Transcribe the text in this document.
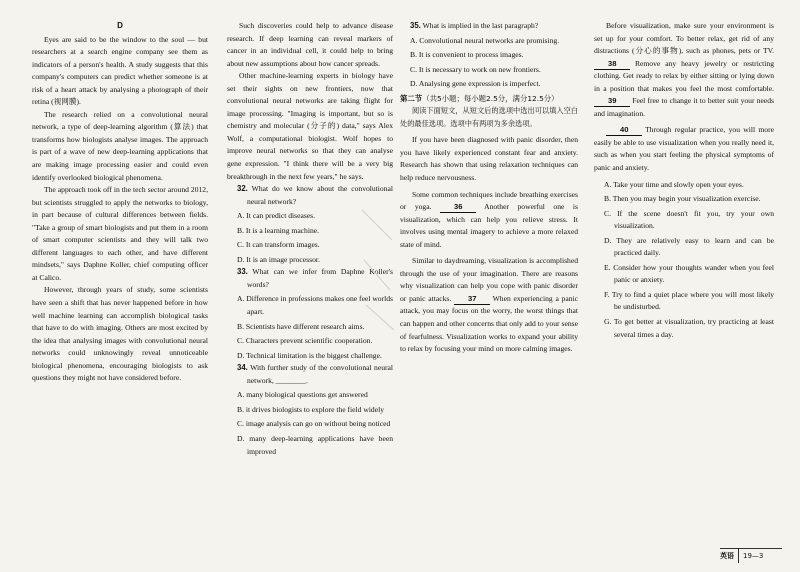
D

Eyes are said to be the window to the soul — but researchers at a search engine company see them as indicators of a person's health. A study suggests that this company's computers can predict whether someone is at risk of a heart attack by analysing a photograph of their retina (视网膜).

The research relied on a convolutional neural network, a type of deep-learning algorithm (算法) that transforms how biologists analyse images. The approach is part of a wave of new deep-learning applications that are making image processing easier and could even identify overlooked biological phenomena.

The approach took off in the tech sector around 2012, but scientists struggled to apply the networks to biology, in part because of cultural differences between fields. "Take a group of smart biologists and put them in a room of smart computer scientists and they will talk two different languages to each other, and have different mindsets," says Daphne Koller, chief computing officer at Calico.

However, through years of study, some scientists have seen a shift that has never happened before in how well machine learning can accomplish biological tasks that have to do with imaging. Others are most excited by the idea that analysing images with convolutional neural networks could unknowingly reveal unnoticeable biological phenomena, encouraging biologists to ask questions they might not have considered before.

Such discoveries could help to advance disease research. If deep learning can reveal markers of cancer in an individual cell, it could help to bring about new assumptions about how cancer spreads.

Other machine-learning experts in biology have set their sights on new frontiers, now that convolutional neural networks are taking flight for image processing. "Imaging is important, but so is chemistry and molecular (分子的) data," says Alex Wolf, a computational biologist. Wolf hopes to improve neural networks so that they can analyse gene expression. "I think there will be a very big breakthrough in the next few years," he says.

32. What do we know about the convolutional neural network?

A. It can predict diseases.

B. It is a learning machine.

C. It can transform images.

D. It is an image processor.

33. What can we infer from Daphne Koller's words?

A. Difference in professions makes one feel worlds apart.

B. Scientists have different research aims.

C. Characters prevent scientific cooperation.

D. Technical limitation is the biggest challenge.

34. With further study of the convolutional neural network, ________.

A. many biological questions get answered

B. it drives biologists to explore the field widely

C. image analysis can go on without being noticed

D. many deep-learning applications have been improved

35. What is implied in the last paragraph?

A. Convolutional neural networks are promising.

B. It is convenient to process images.

C. It is necessary to work on new frontiers.

D. Analysing gene expression is imperfect.

第二节（共5小题；每小题2.5分，满分12.5分）

阅读下面短文，从短文后的选项中选出可以填入空白处的最佳选项。选项中有两项为多余选项。

If you have been diagnosed with panic disorder, then you have likely experienced constant fear and anxiety. Research has shown that using relaxation techniques can help reduce nervousness.

Some common techniques include breathing exercises or yoga.	36	Another powerful one is visualization, which can help you relieve stress. It involves using mental imagery to achieve a more relaxed state of mind.

Similar to daydreaming, visualization is accomplished through the use of your imagination. There are reasons why visualization can help you cope with panic disorder or panic attacks. 37 When experiencing a panic attack, you may focus on the worry, the worst things that can happen and other concerns that only add to your sense of fearfulness. Visualization works to expand your ability to relax by focusing your mind on more calming images.

Before visualization, make sure your environment is set up for your comfort. To better relax, get rid of any distractions (分心的事物), such as phones, pets or TV. 38 Remove any heavy jewelry or restricting clothing. Get ready to relax by either sitting or lying down in a position that makes you feel the most comfortable. 39 Feel free to change it to better suit your needs and imagination.

40 Through regular practice, you will more easily be able to use visualization when you really need it, such as when you start feeling the physical symptoms of panic and anxiety.

A. Take your time and slowly open your eyes.

B. Then you may begin your visualization exercise.

C. If the scene doesn't fit you, try your own visualization.

D. They are relatively easy to learn and can be practiced daily.

E. Consider how your thoughts wander when you feel panic or anxiety.

F. Try to find a quiet place where you will most likely be undisturbed.

G. To get better at visualization, try practicing at least several times a day.

英语 19—3
